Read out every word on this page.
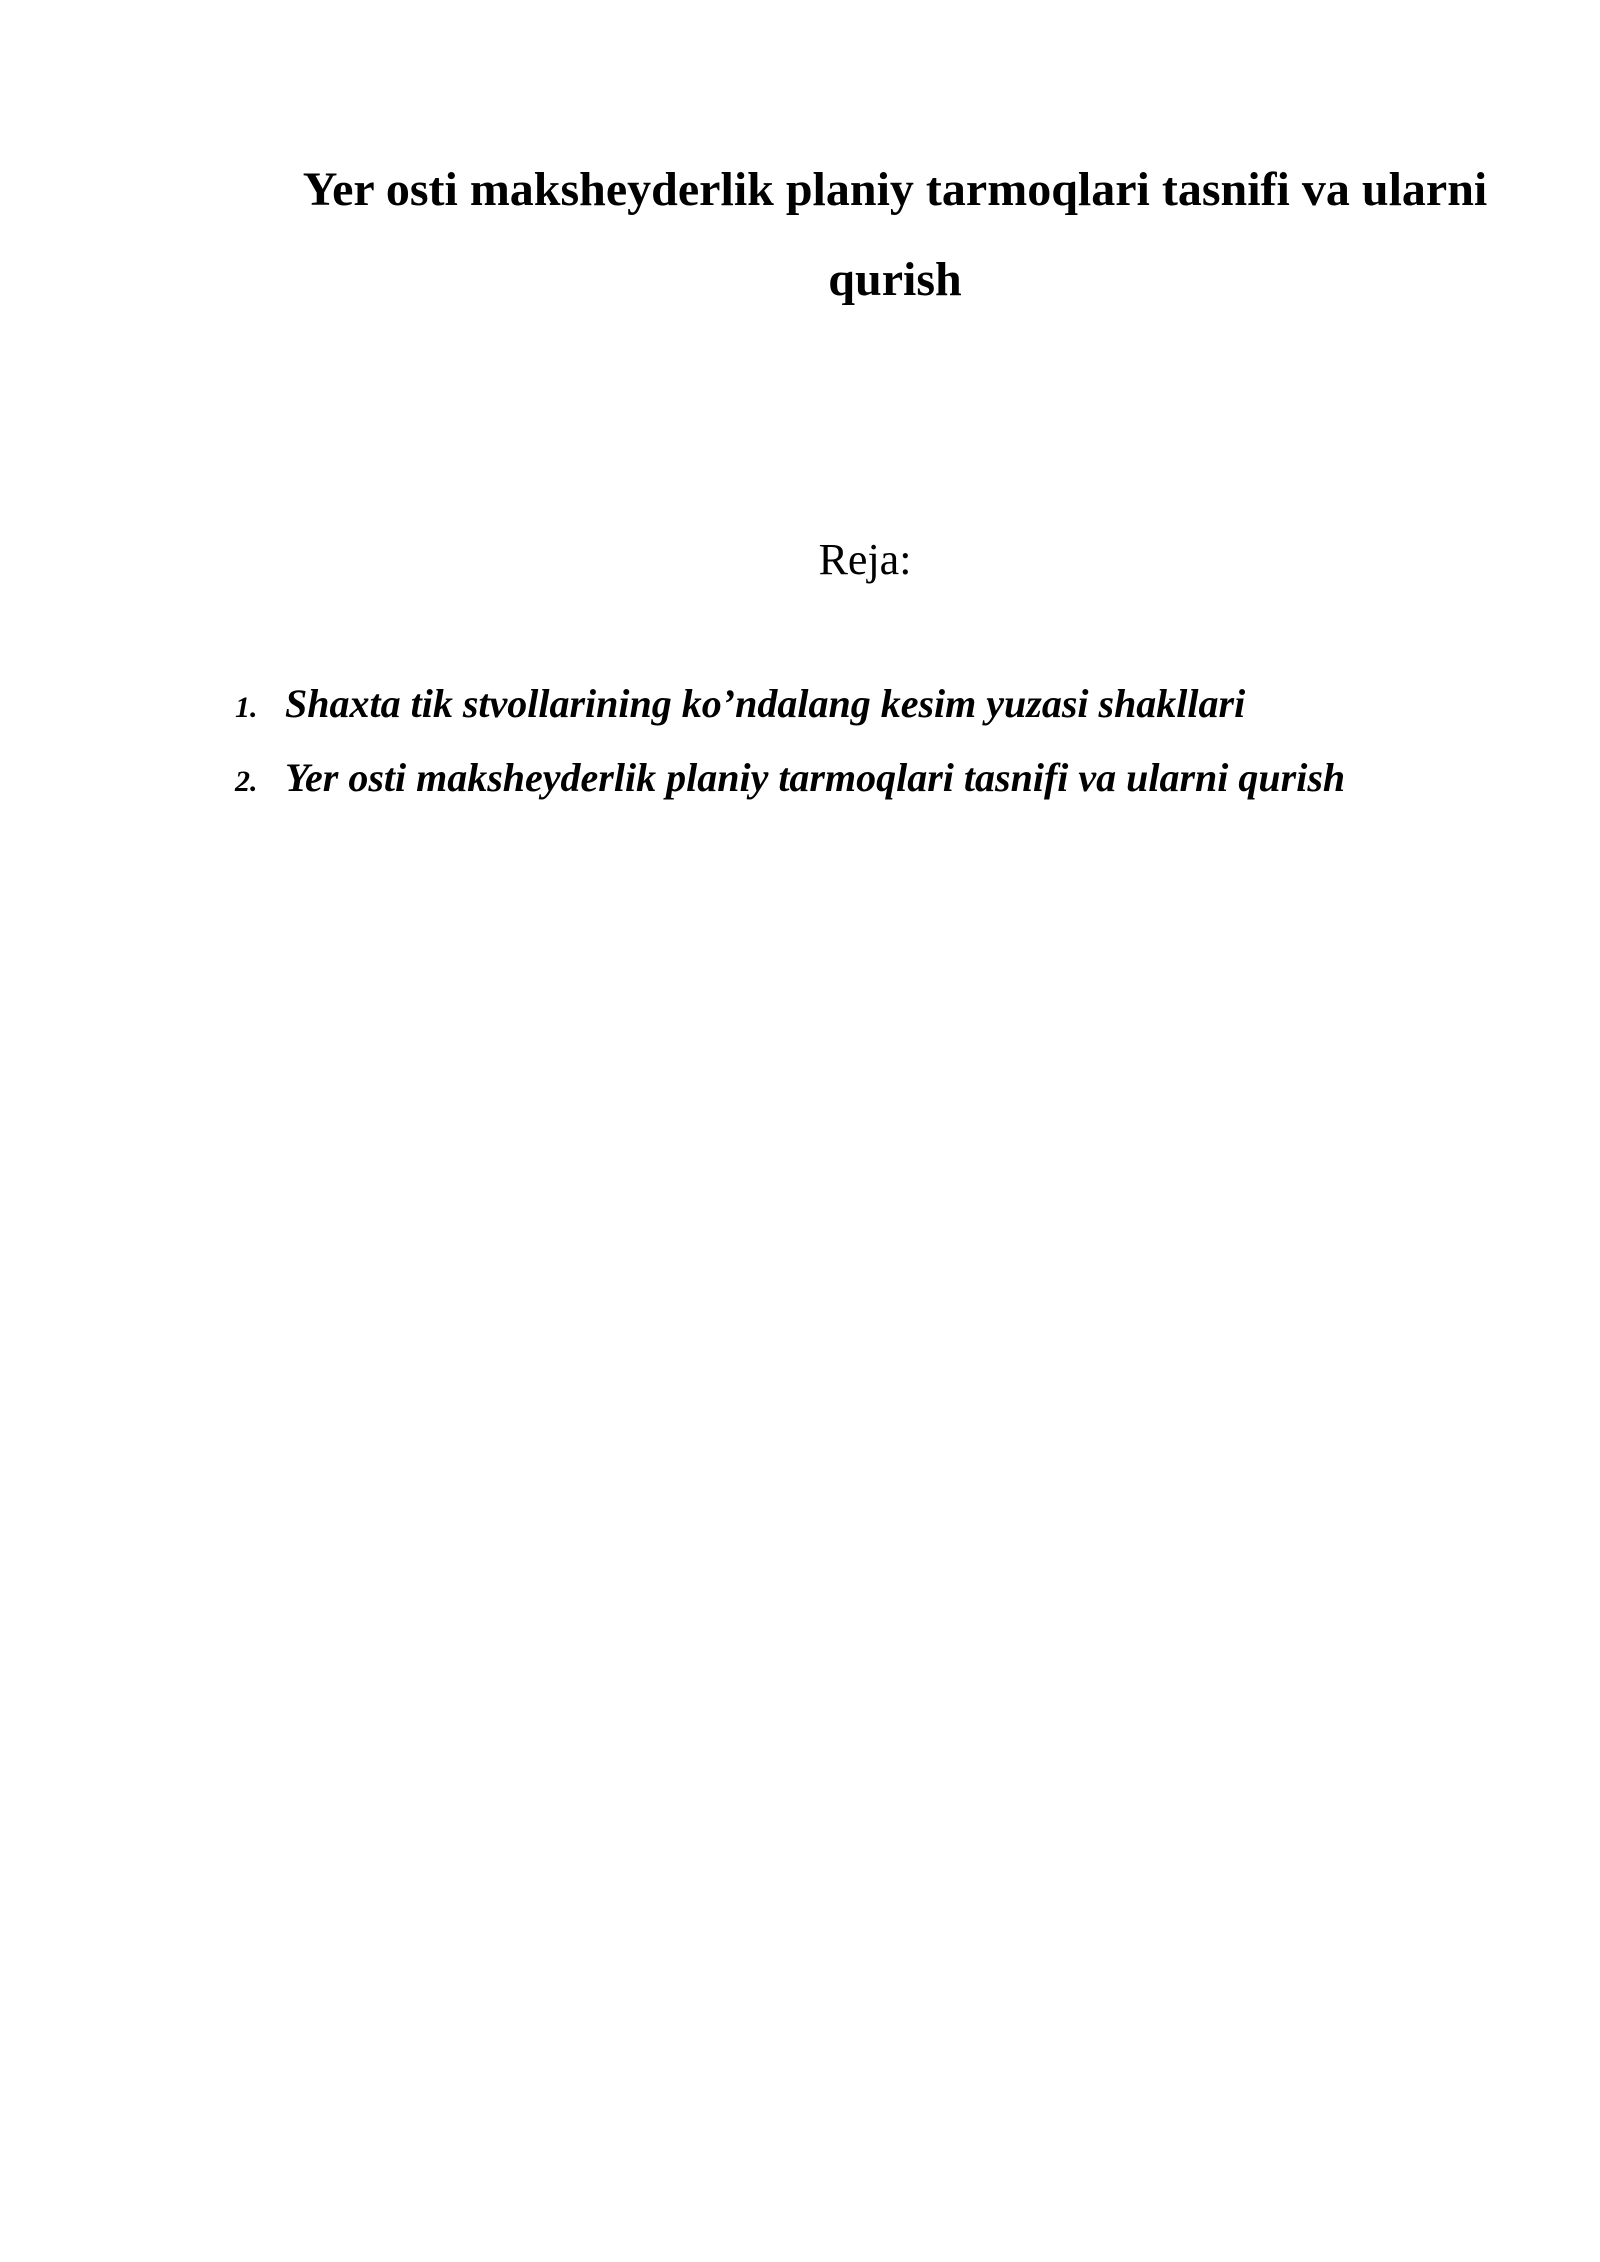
Yer osti maksheyderlik planiy tarmoqlari tasnifi va ularni qurish
Reja:
1. Shaxta tik stvollarining ko’ndalang kesim yuzasi shakllari
2. Yer osti maksheyderlik planiy tarmoqlari tasnifi va ularni qurish
